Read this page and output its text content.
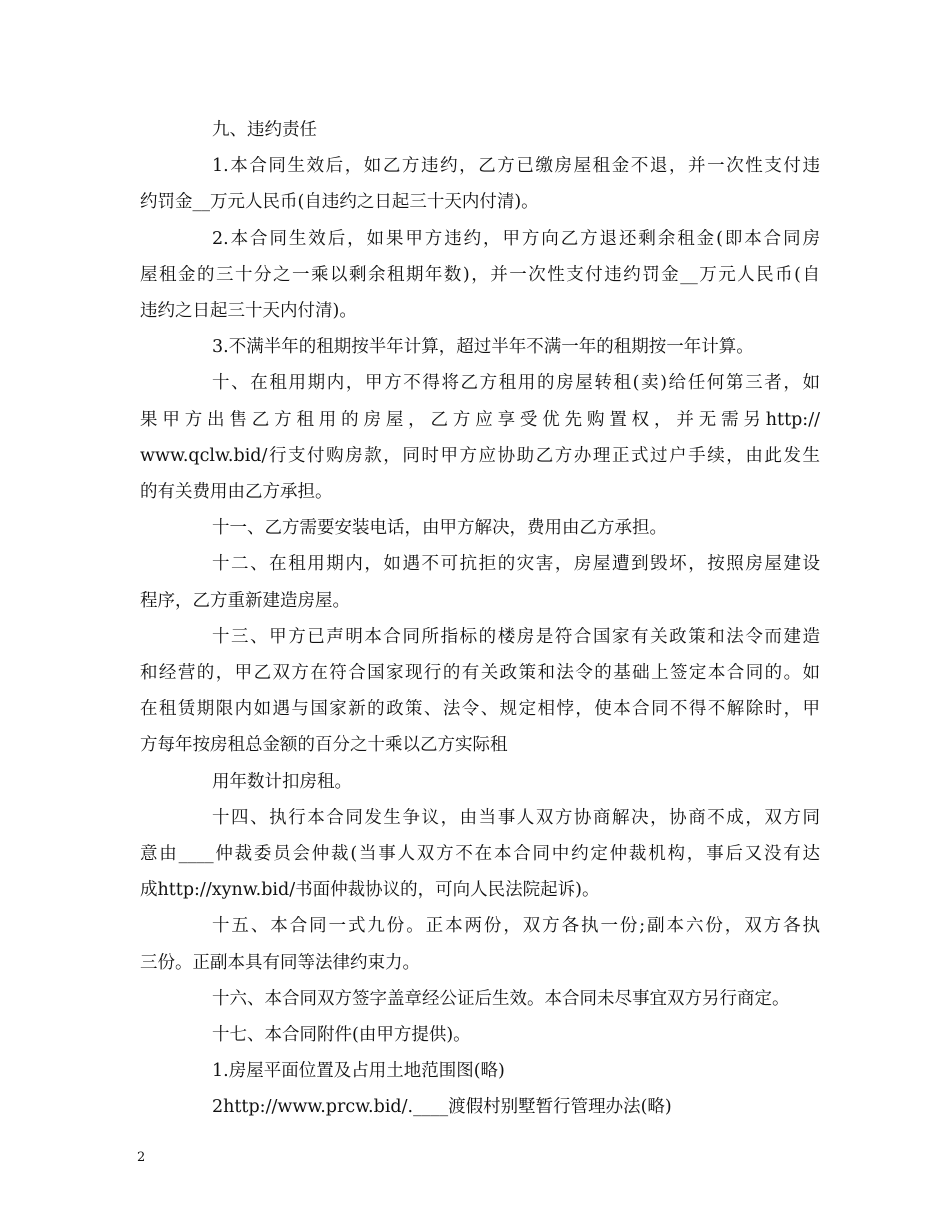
九、违约责任
1.本合同生效后，如乙方违约，乙方已缴房屋租金不退，并一次性支付违
约罚金__万元人民币(自违约之日起三十天内付清)。
2.本合同生效后，如果甲方违约，甲方向乙方退还剩余租金(即本合同房
屋租金的三十分之一乘以剩余租期年数)，并一次性支付违约罚金__万元人民币(自
违约之日起三十天内付清)。
3.不满半年的租期按半年计算，超过半年不满一年的租期按一年计算。
十、在租用期内，甲方不得将乙方租用的房屋转租(卖)给任何第三者，如
果甲方出售乙方租用的房屋，乙方应享受优先购置权，并无需另http://
www.qclw.bid/行支付购房款，同时甲方应协助乙方办理正式过户手续，由此发生
的有关费用由乙方承担。
十一、乙方需要安装电话，由甲方解决，费用由乙方承担。
十二、在租用期内，如遇不可抗拒的灾害，房屋遭到毁坏，按照房屋建设
程序，乙方重新建造房屋。
十三、甲方已声明本合同所指标的楼房是符合国家有关政策和法令而建造
和经营的，甲乙双方在符合国家现行的有关政策和法令的基础上签定本合同的。如
在租赁期限内如遇与国家新的政策、法令、规定相悖，使本合同不得不解除时，甲
方每年按房租总金额的百分之十乘以乙方实际租
用年数计扣房租。
十四、执行本合同发生争议，由当事人双方协商解决，协商不成，双方同
意由____仲裁委员会仲裁(当事人双方不在本合同中约定仲裁机构，事后又没有达
成http://xynw.bid/书面仲裁协议的，可向人民法院起诉)。
十五、本合同一式九份。正本两份，双方各执一份;副本六份，双方各执
三份。正副本具有同等法律约束力。
十六、本合同双方签字盖章经公证后生效。本合同未尽事宜双方另行商定。
十七、本合同附件(由甲方提供)。
1.房屋平面位置及占用土地范围图(略)
2http://www.prcw.bid/.____渡假村别墅暂行管理办法(略)
2
